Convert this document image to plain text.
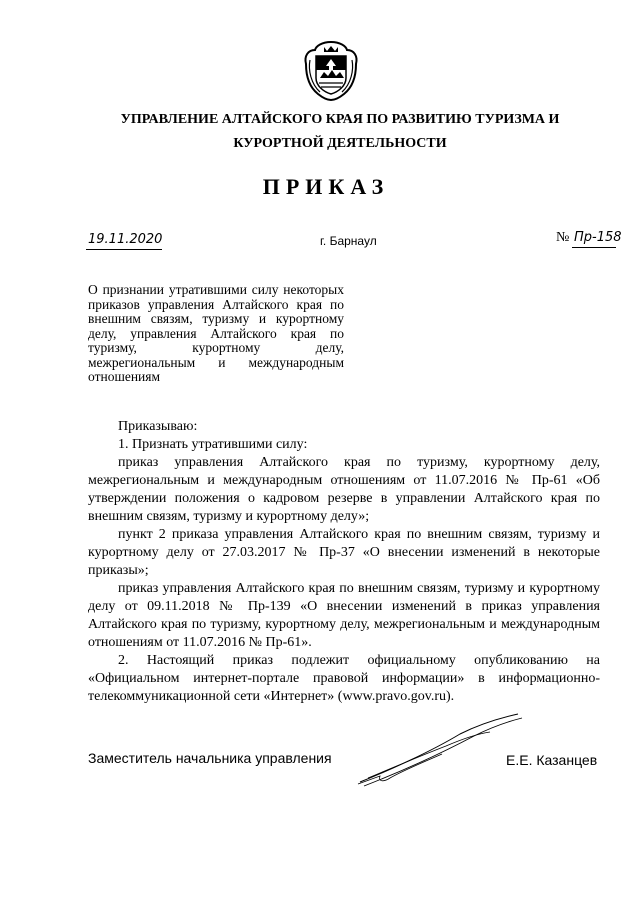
УПРАВЛЕНИЕ АЛТАЙСКОГО КРАЯ ПО РАЗВИТИЮ ТУРИЗМА И КУРОРТНОЙ ДЕЯТЕЛЬНОСТИ
ПРИКАЗ
19.11.2020	г. Барнаул	№ Пр-158
О признании утратившими силу некоторых приказов управления Алтайского края по внешним связям, туризму и курортному делу, управления Алтайского края по туризму, курортному делу, межрегиональным и международным отношениям

Приказываю:

1. Признать утратившими силу:

приказ управления Алтайского края по туризму, курортному делу, межрегиональным и международным отношениям от 11.07.2016 № Пр-61 «Об утверждении положения о кадровом резерве в управлении Алтайского края по внешним связям, туризму и курортному делу»;

пункт 2 приказа управления Алтайского края по внешним связям, туризму и курортному делу от 27.03.2017 № Пр-37 «О внесении изменений в некоторые приказы»;

приказ управления Алтайского края по внешним связям, туризму и курортному делу от 09.11.2018 № Пр-139 «О внесении изменений в приказ управления Алтайского края по туризму, курортному делу, межрегиональным и международным отношениям от 11.07.2016 № Пр-61».

2. Настоящий приказ подлежит официальному опубликованию на «Официальном интернет-портале правовой информации» в информационно-телекоммуникационной сети «Интернет» (www.pravo.gov.ru).

Заместитель начальника управления	Е.Е. Казанцев
